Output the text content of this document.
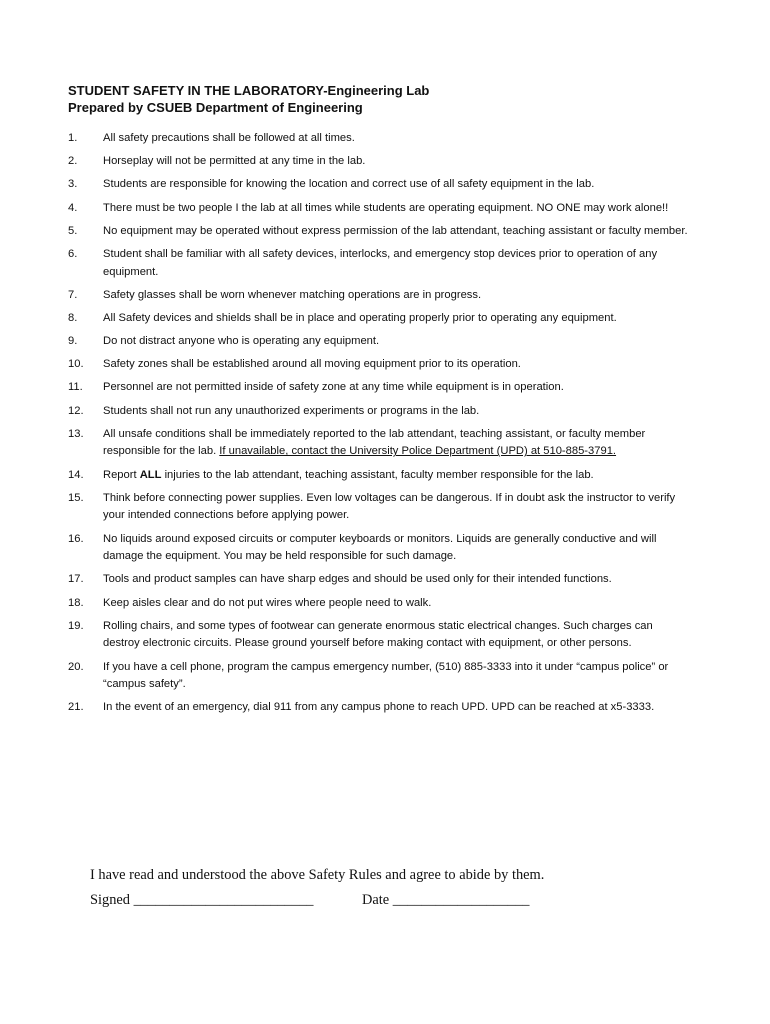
STUDENT SAFETY IN THE LABORATORY-Engineering Lab
Prepared by CSUEB Department of Engineering
1.	All safety precautions shall be followed at all times.
2.	Horseplay will not be permitted at any time in the lab.
3.	Students are responsible for knowing the location and correct use of all safety equipment in the lab.
4.	There must be two people I the lab at all times while students are operating equipment. NO ONE may work alone!!
5.	No equipment may be operated without express permission of the lab attendant, teaching assistant or faculty member.
6.	Student shall be familiar with all safety devices, interlocks, and emergency stop devices prior to operation of any equipment.
7.	Safety glasses shall be worn whenever matching operations are in progress.
8.	All Safety devices and shields shall be in place and operating properly prior to operating any equipment.
9.	Do not distract anyone who is operating any equipment.
10.	Safety zones shall be established around all moving equipment prior to its operation.
11.	Personnel are not permitted inside of safety zone at any time while equipment is in operation.
12.	Students shall not run any unauthorized experiments or programs in the lab.
13.	All unsafe conditions shall be immediately reported to the lab attendant, teaching assistant, or faculty member responsible for the lab. If unavailable, contact the University Police Department (UPD) at 510-885-3791.
14.	Report ALL injuries to the lab attendant, teaching assistant, faculty member responsible for the lab.
15.	Think before connecting power supplies. Even low voltages can be dangerous. If in doubt ask the instructor to verify your intended connections before applying power.
16.	No liquids around exposed circuits or computer keyboards or monitors. Liquids are generally conductive and will damage the equipment. You may be held responsible for such damage.
17.	Tools and product samples can have sharp edges and should be used only for their intended functions.
18.	Keep aisles clear and do not put wires where people need to walk.
19.	Rolling chairs, and some types of footwear can generate enormous static electrical changes. Such charges can destroy electronic circuits. Please ground yourself before making contact with equipment, or other persons.
20.	If you have a cell phone, program the campus emergency number, (510) 885-3333 into it under “campus police” or “campus safety”.
21.	In the event of an emergency, dial 911 from any campus phone to reach UPD. UPD can be reached at x5-3333.
I have read and understood the above Safety Rules and agree to abide by them.
Signed _________________________	Date ___________________
